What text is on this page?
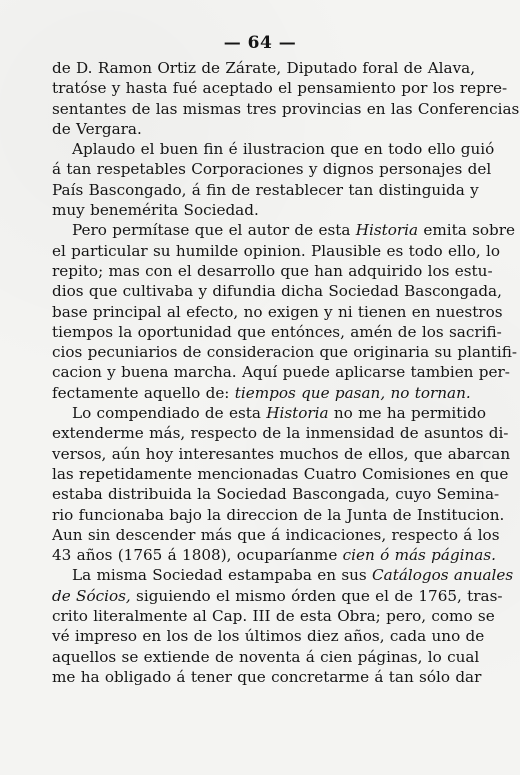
— 64 —
de D. Ramon Ortiz de Zárate, Diputado foral de Alava,
tratóse y hasta fué aceptado el pensamiento por los repre-
sentantes de las mismas tres provincias en las Conferencias
de Vergara.
Aplaudo el buen fin é ilustracion que en todo ello guió
á tan respetables Corporaciones y dignos personajes del
País Bascongado, á fin de restablecer tan distinguida y
muy benemérita Sociedad.
Pero permítase que el autor de esta Historia emita sobre
el particular su humilde opinion. Plausible es todo ello, lo
repito; mas con el desarrollo que han adquirido los estu-
dios que cultivaba y difundia dicha Sociedad Bascongada,
base principal al efecto, no exigen y ni tienen en nuestros
tiempos la oportunidad que entónces, amén de los sacrifi-
cios pecuniarios de consideracion que originaria su plantifi-
cacion y buena marcha. Aquí puede aplicarse tambien per-
fectamente aquello de: tiempos que pasan, no tornan.
Lo compendiado de esta Historia no me ha permitido
extenderme más, respecto de la inmensidad de asuntos di-
versos, aún hoy interesantes muchos de ellos, que abarcan
las repetidamente mencionadas Cuatro Comisiones en que
estaba distribuida la Sociedad Bascongada, cuyo Semina-
rio funcionaba bajo la direccion de la Junta de Institucion.
Aun sin descender más que á indicaciones, respecto á los
43 años (1765 á 1808), ocuparíanme cien ó más páginas.
La misma Sociedad estampaba en sus Catálogos anuales
de Sócios, siguiendo el mismo órden que el de 1765, tras-
crito literalmente al Cap. III de esta Obra; pero, como se
vé impreso en los de los últimos diez años, cada uno de
aquellos se extiende de noventa á cien páginas, lo cual
me ha obligado á tener que concretarme á tan sólo dar
